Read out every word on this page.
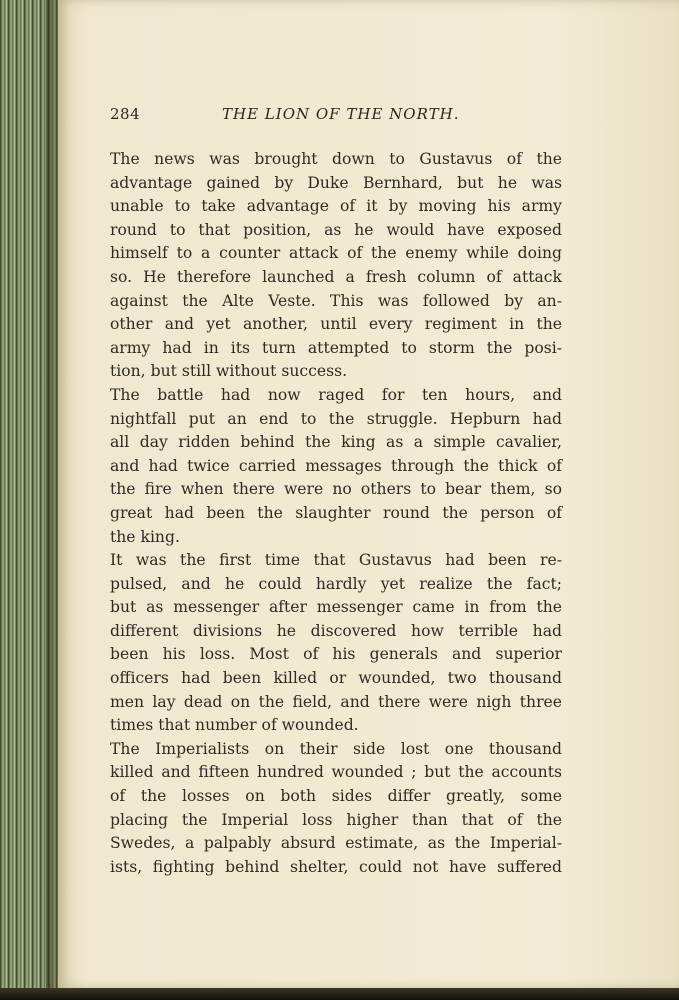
284	THE LION OF THE NORTH.
The news was brought down to Gustavus of the
advantage gained by Duke Bernhard, but he was
unable to take advantage of it by moving his army
round to that position, as he would have exposed
himself to a counter attack of the enemy while doing
so. He therefore launched a fresh column of attack
against the Alte Veste. This was followed by an-
other and yet another, until every regiment in the
army had in its turn attempted to storm the posi-
tion, but still without success.
The battle had now raged for ten hours, and
nightfall put an end to the struggle. Hepburn had
all day ridden behind the king as a simple cavalier,
and had twice carried messages through the thick of
the fire when there were no others to bear them, so
great had been the slaughter round the person of
the king.
It was the first time that Gustavus had been re-
pulsed, and he could hardly yet realize the fact;
but as messenger after messenger came in from the
different divisions he discovered how terrible had
been his loss. Most of his generals and superior
officers had been killed or wounded, two thousand
men lay dead on the field, and there were nigh three
times that number of wounded.
The Imperialists on their side lost one thousand
killed and fifteen hundred wounded ; but the accounts
of the losses on both sides differ greatly, some
placing the Imperial loss higher than that of the
Swedes, a palpably absurd estimate, as the Imperial-
ists, fighting behind shelter, could not have suffered
